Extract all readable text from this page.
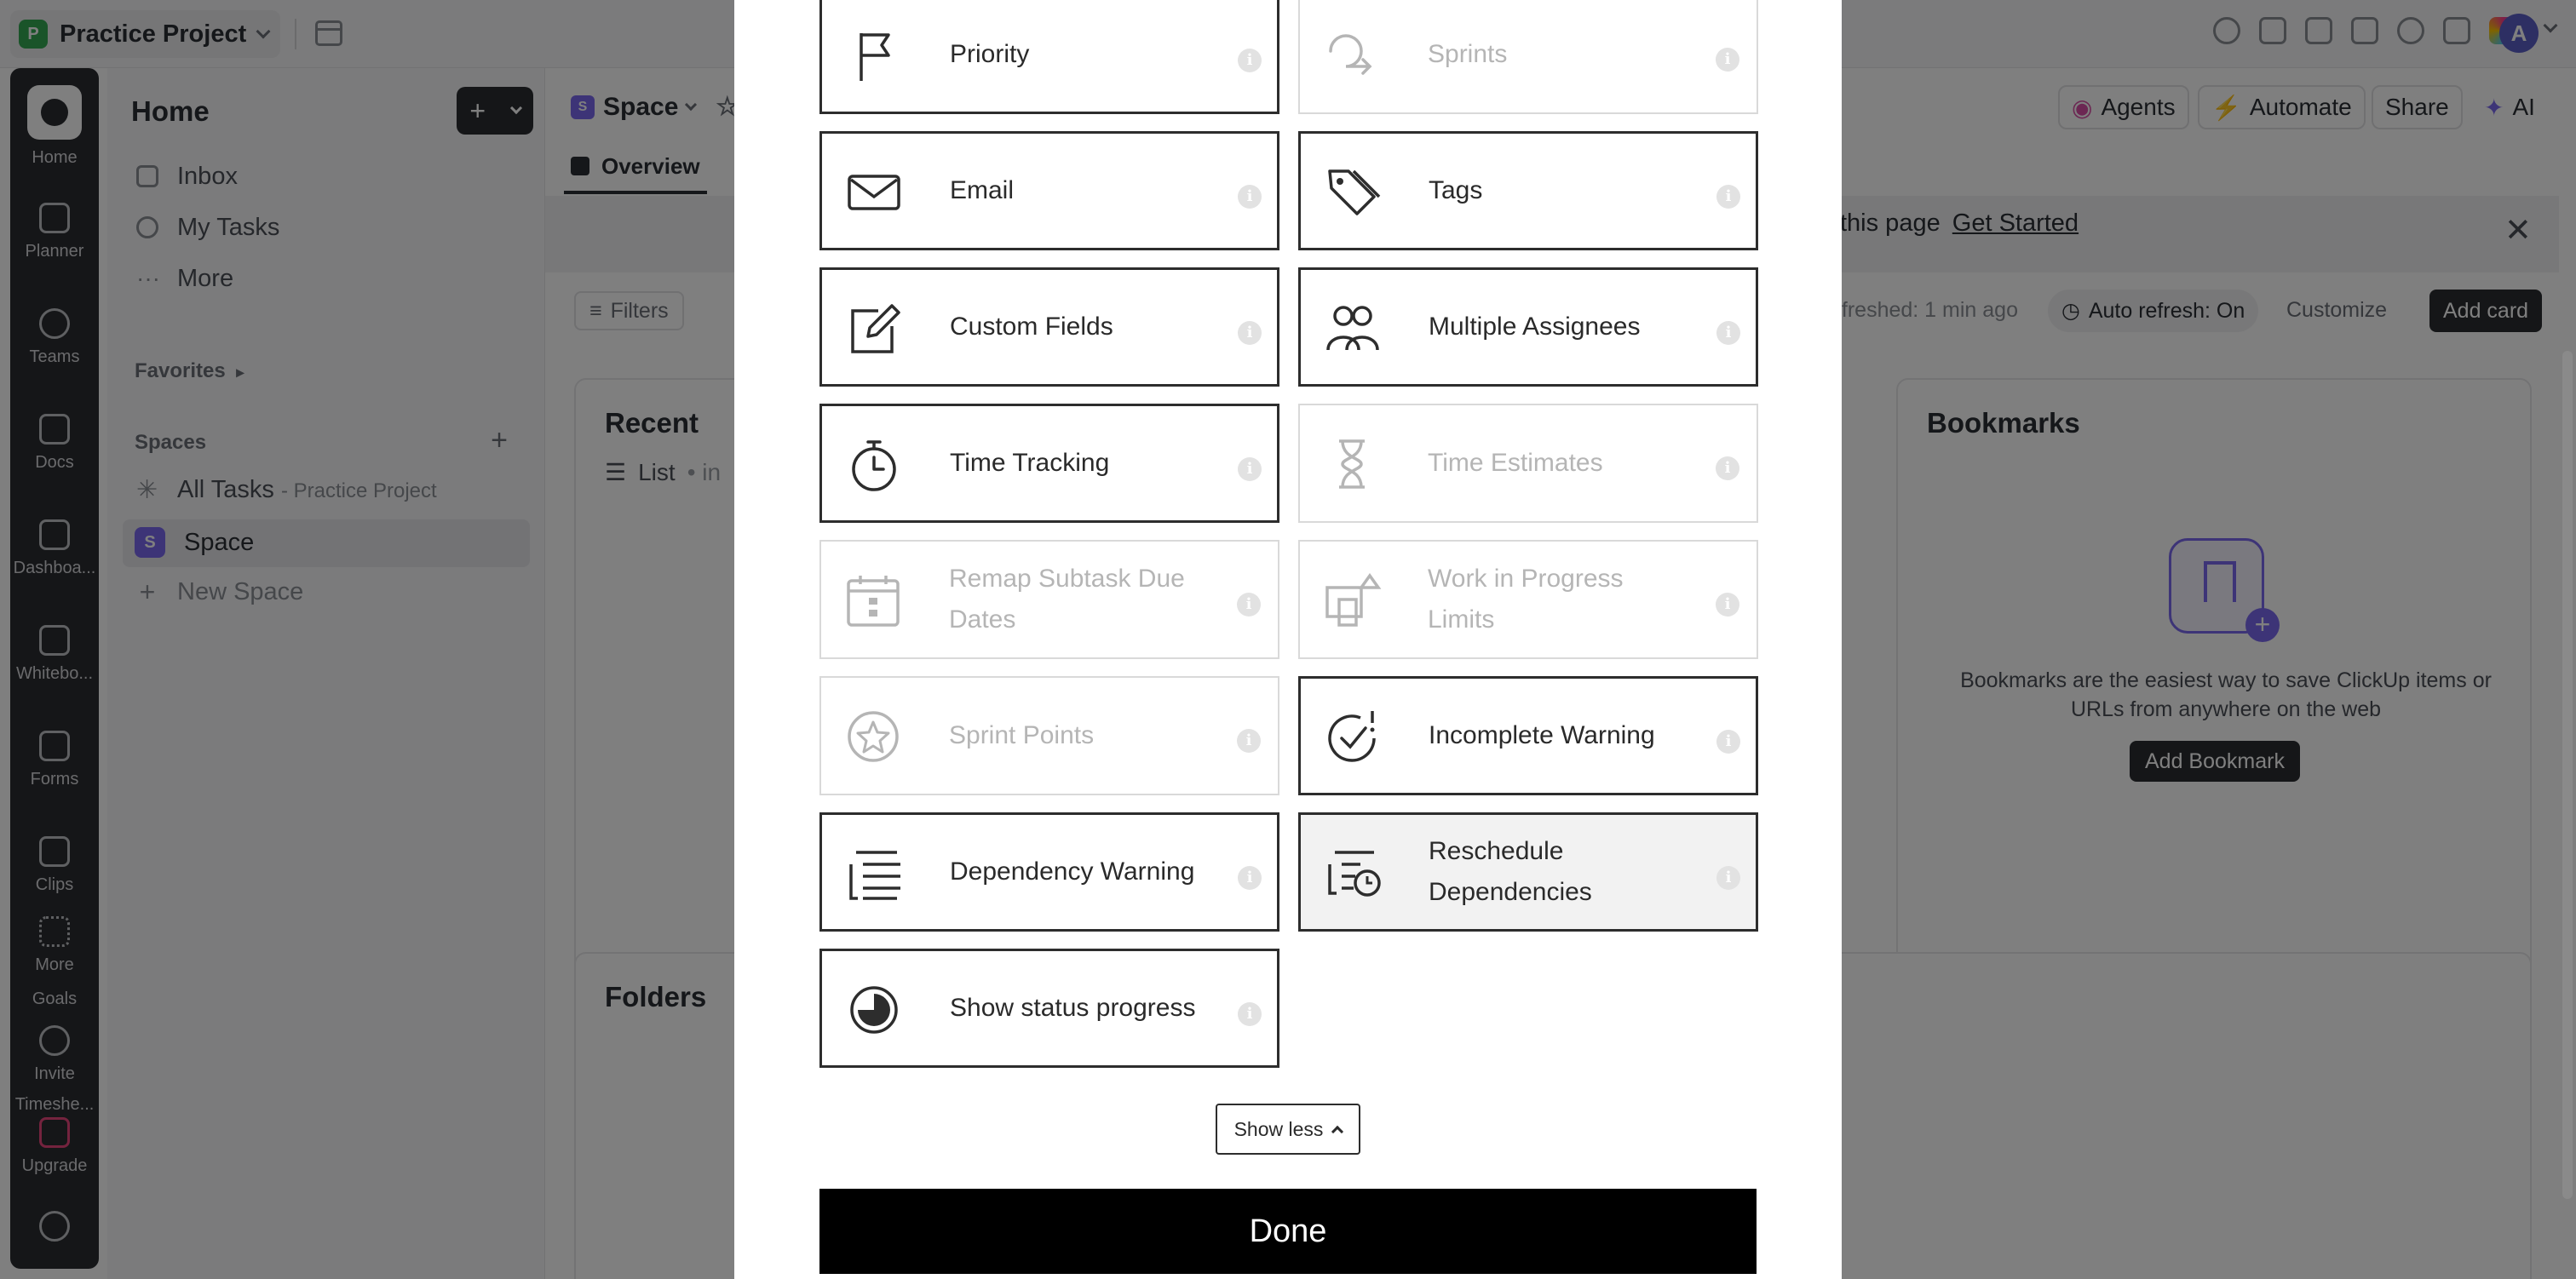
Priority	i	Sprints	i
Email	i	Tags	i
Custom Fields	i	Multiple Assignees	i
Time Tracking	i	Time Estimates	i
Remap Subtask Due Dates
i
Work in Progress Limits
i
Sprint Points	i	Incomplete Warning	i
Dependency Warning	i
Reschedule Dependencies
i
Show status progress	i
Show less
Done
